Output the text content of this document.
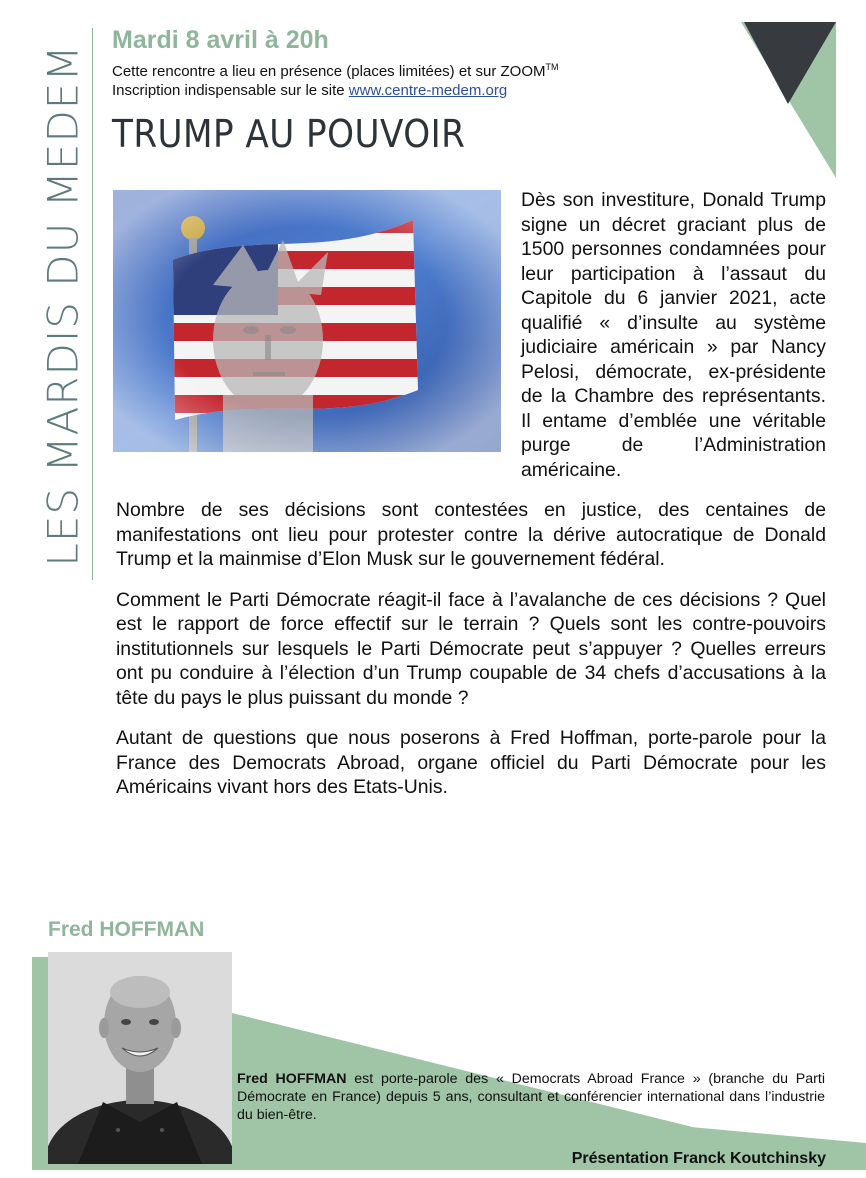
LES MARDIS DU MEDEM
Mardi 8 avril à 20h
Cette rencontre a lieu en présence (places limitées) et sur ZOOM™
Inscription indispensable sur le site www.centre-medem.org
TRUMP AU POUVOIR

Dès son investiture, Donald Trump signe un décret graciant plus de 1500 personnes condamnées pour leur participation à l’assaut du Capitole du 6 janvier 2021, acte qualifié « d’insulte au système judiciaire américain » par Nancy Pelosi, démocrate, ex-présidente de la Chambre des représentants. Il entame d’emblée une véritable purge de l’Administration américaine.

Nombre de ses décisions sont contestées en justice, des centaines de manifestations ont lieu pour protester contre la dérive autocratique de Donald Trump et la mainmise d’Elon Musk sur le gouvernement fédéral.

Comment le Parti Démocrate réagit-il face à l’avalanche de ces décisions ? Quel est le rapport de force effectif sur le terrain ? Quels sont les contre-pouvoirs institutionnels sur lesquels le Parti Démocrate peut s’appuyer ? Quelles erreurs ont pu conduire à l’élection d’un Trump coupable de 34 chefs d’accusations à la tête du pays le plus puissant du monde ?

Autant de questions que nous poserons à Fred Hoffman, porte-parole pour la France des Democrats Abroad, organe officiel du Parti Démocrate pour les Américains vivant hors des Etats-Unis.

Fred HOFFMAN
Fred HOFFMAN est porte-parole des « Democrats Abroad France » (branche du Parti Démocrate en France) depuis 5 ans, consultant et conférencier international dans l’industrie du bien-être.
Présentation Franck Koutchinsky
